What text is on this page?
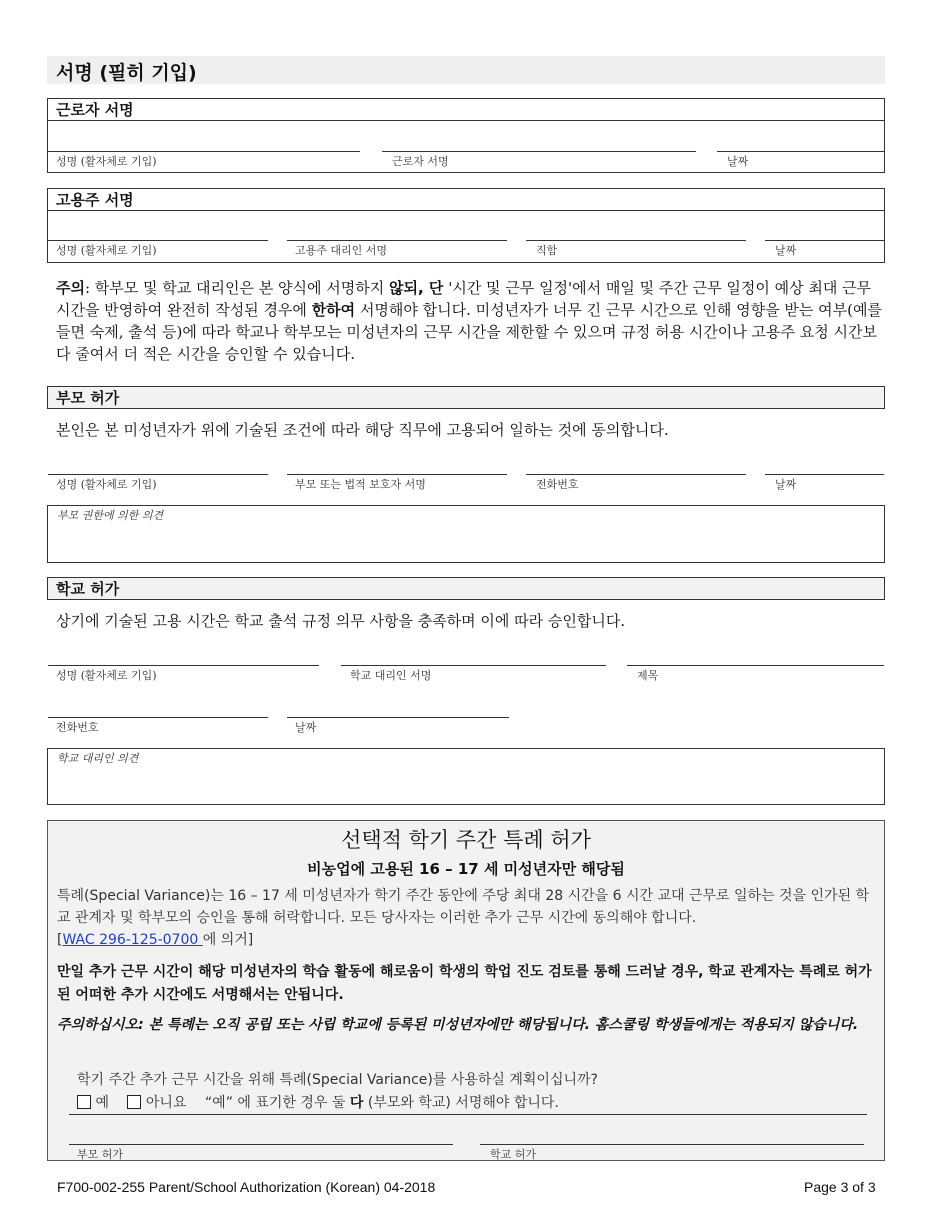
서명 (필히 기입)
근로자 서명
성명 (활자체로 기입)	근로자 서명	날짜
고용주 서명
성명 (활자체로 기입)	고용주 대리인 서명	직함	날짜
주의: 학부모 및 학교 대리인은 본 양식에 서명하지 않되, 단 '시간 및 근무 일정'에서 매일 및 주간 근무 일정이 예상 최대 근무 시간을 반영하여 완전히 작성된 경우에 한하여 서명해야 합니다. 미성년자가 너무 긴 근무 시간으로 인해 영향을 받는 여부(예를 들면 숙제, 출석 등)에 따라 학교나 학부모는 미성년자의 근무 시간을 제한할 수 있으며 규정 허용 시간이나 고용주 요청 시간보다 줄여서 더 적은 시간을 승인할 수 있습니다.
부모 허가
본인은 본 미성년자가 위에 기술된 조건에 따라 해당 직무에 고용되어 일하는 것에 동의합니다.
성명 (활자체로 기입)	부모 또는 법적 보호자 서명	전화번호	날짜
부모 권한에 의한 의견
학교 허가
상기에 기술된 고용 시간은 학교 출석 규정 의무 사항을 충족하며 이에 따라 승인합니다.
성명 (활자체로 기입)	학교 대리인 서명	제목
전화번호	날짜
학교 대리인 의견
선택적 학기 주간 특례 허가
비농업에 고용된 16 – 17 세 미성년자만 해당됨
특례(Special Variance)는 16 – 17 세 미성년자가 학기 주간 동안에 주당 최대 28 시간을 6 시간 교대 근무로 일하는 것을 인가된 학교 관계자 및 학부모의 승인을 통해 허락합니다. 모든 당사자는 이러한 추가 근무 시간에 동의해야 합니다.
[WAC 296-125-0700 에 의거]
만일 추가 근무 시간이 해당 미성년자의 학습 활동에 해로움이 학생의 학업 진도 검토를 통해 드러날 경우, 학교 관계자는 특례로 허가된 어떠한 추가 시간에도 서명해서는 안됩니다.
주의하십시오: 본 특례는 오직 공립 또는 사립 학교에 등록된 미성년자에만 해당됩니다. 홈스쿨링 학생들에게는 적용되지 않습니다.
학기 주간 추가 근무 시간을 위해 특례(Special Variance)를 사용하실 계획이십니까?
예	아니요 “예” 에 표기한 경우 둘 다 (부모와 학교) 서명해야 합니다.
부모 허가	학교 허가
F700-002-255 Parent/School Authorization (Korean) 04-2018	Page 3 of 3
